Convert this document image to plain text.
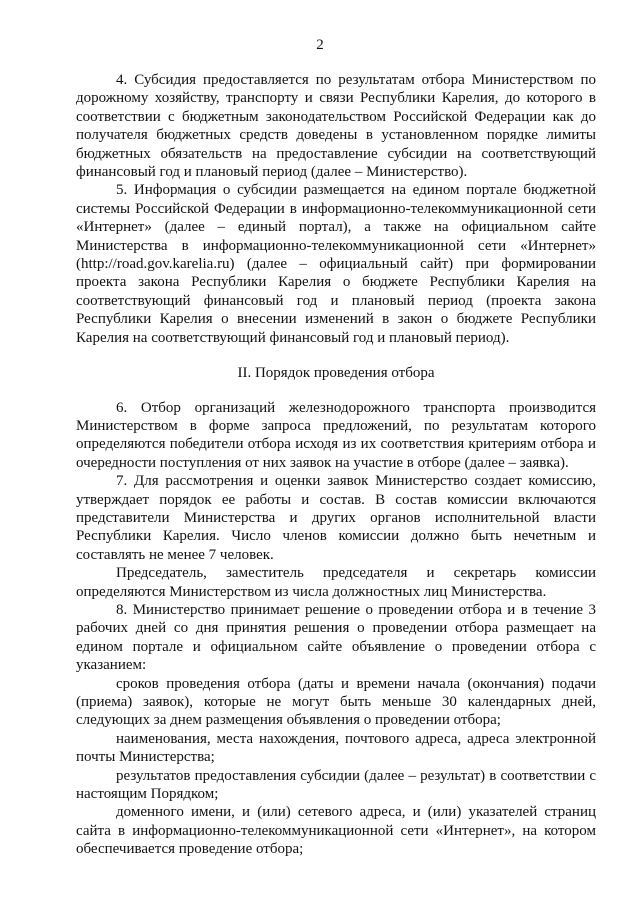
2

4. Субсидия предоставляется по результатам отбора Министерством по дорожному хозяйству, транспорту и связи Республики Карелия, до которого в соответствии с бюджетным законодательством Российской Федерации как до получателя бюджетных средств доведены в установленном порядке лимиты бюджетных обязательств на предоставление субсидии на соответствующий финансовый год и плановый период (далее – Министерство).

5. Информация о субсидии размещается на едином портале бюджетной системы Российской Федерации в информационно-телекоммуникационной сети «Интернет» (далее – единый портал), а также на официальном сайте Министерства в информационно-телекоммуникационной сети «Интернет» (http://road.gov.karelia.ru) (далее – официальный сайт) при формировании проекта закона Республики Карелия о бюджете Республики Карелия на соответствующий финансовый год и плановый период (проекта закона Республики Карелия о внесении изменений в закон о бюджете Республики Карелия на соответствующий финансовый год и плановый период).

II. Порядок проведения отбора

6. Отбор организаций железнодорожного транспорта производится Министерством в форме запроса предложений, по результатам которого определяются победители отбора исходя из их соответствия критериям отбора и очередности поступления от них заявок на участие в отборе (далее – заявка).

7. Для рассмотрения и оценки заявок Министерство создает комиссию, утверждает порядок ее работы и состав. В состав комиссии включаются представители Министерства и других органов исполнительной власти Республики Карелия. Число членов комиссии должно быть нечетным и составлять не менее 7 человек.

Председатель, заместитель председателя и секретарь комиссии определяются Министерством из числа должностных лиц Министерства.

8. Министерство принимает решение о проведении отбора и в течение 3 рабочих дней со дня принятия решения о проведении отбора размещает на едином портале и официальном сайте объявление о проведении отбора с указанием:

сроков проведения отбора (даты и времени начала (окончания) подачи (приема) заявок), которые не могут быть меньше 30 календарных дней, следующих за днем размещения объявления о проведении отбора;

наименования, места нахождения, почтового адреса, адреса электронной почты Министерства;

результатов предоставления субсидии (далее – результат) в соответствии с настоящим Порядком;

доменного имени, и (или) сетевого адреса, и (или) указателей страниц сайта в информационно-телекоммуникационной сети «Интернет», на котором обеспечивается проведение отбора;
